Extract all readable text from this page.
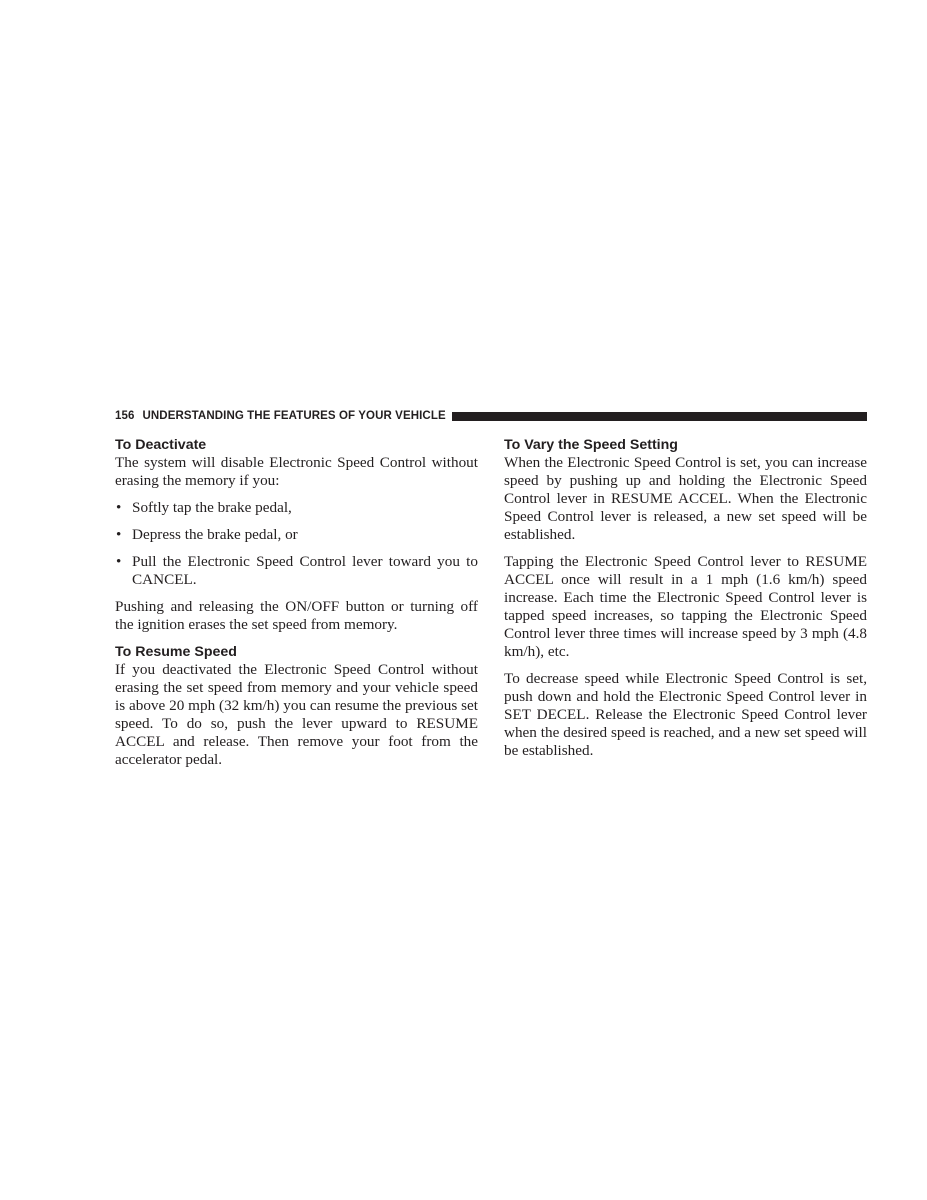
156 UNDERSTANDING THE FEATURES OF YOUR VEHICLE
To Deactivate

The system will disable Electronic Speed Control without erasing the memory if you:

• Softly tap the brake pedal,
• Depress the brake pedal, or
• Pull the Electronic Speed Control lever toward you to CANCEL.

Pushing and releasing the ON/OFF button or turning off the ignition erases the set speed from memory.

To Resume Speed

If you deactivated the Electronic Speed Control without erasing the set speed from memory and your vehicle speed is above 20 mph (32 km/h) you can resume the previous set speed. To do so, push the lever upward to RESUME ACCEL and release. Then remove your foot from the accelerator pedal.

To Vary the Speed Setting

When the Electronic Speed Control is set, you can increase speed by pushing up and holding the Electronic Speed Control lever in RESUME ACCEL. When the Electronic Speed Control lever is released, a new set speed will be established.

Tapping the Electronic Speed Control lever to RESUME ACCEL once will result in a 1 mph (1.6 km/h) speed increase. Each time the Electronic Speed Control lever is tapped speed increases, so tapping the Electronic Speed Control lever three times will increase speed by 3 mph (4.8 km/h), etc.

To decrease speed while Electronic Speed Control is set, push down and hold the Electronic Speed Control lever in SET DECEL. Release the Electronic Speed Control lever when the desired speed is reached, and a new set speed will be established.
